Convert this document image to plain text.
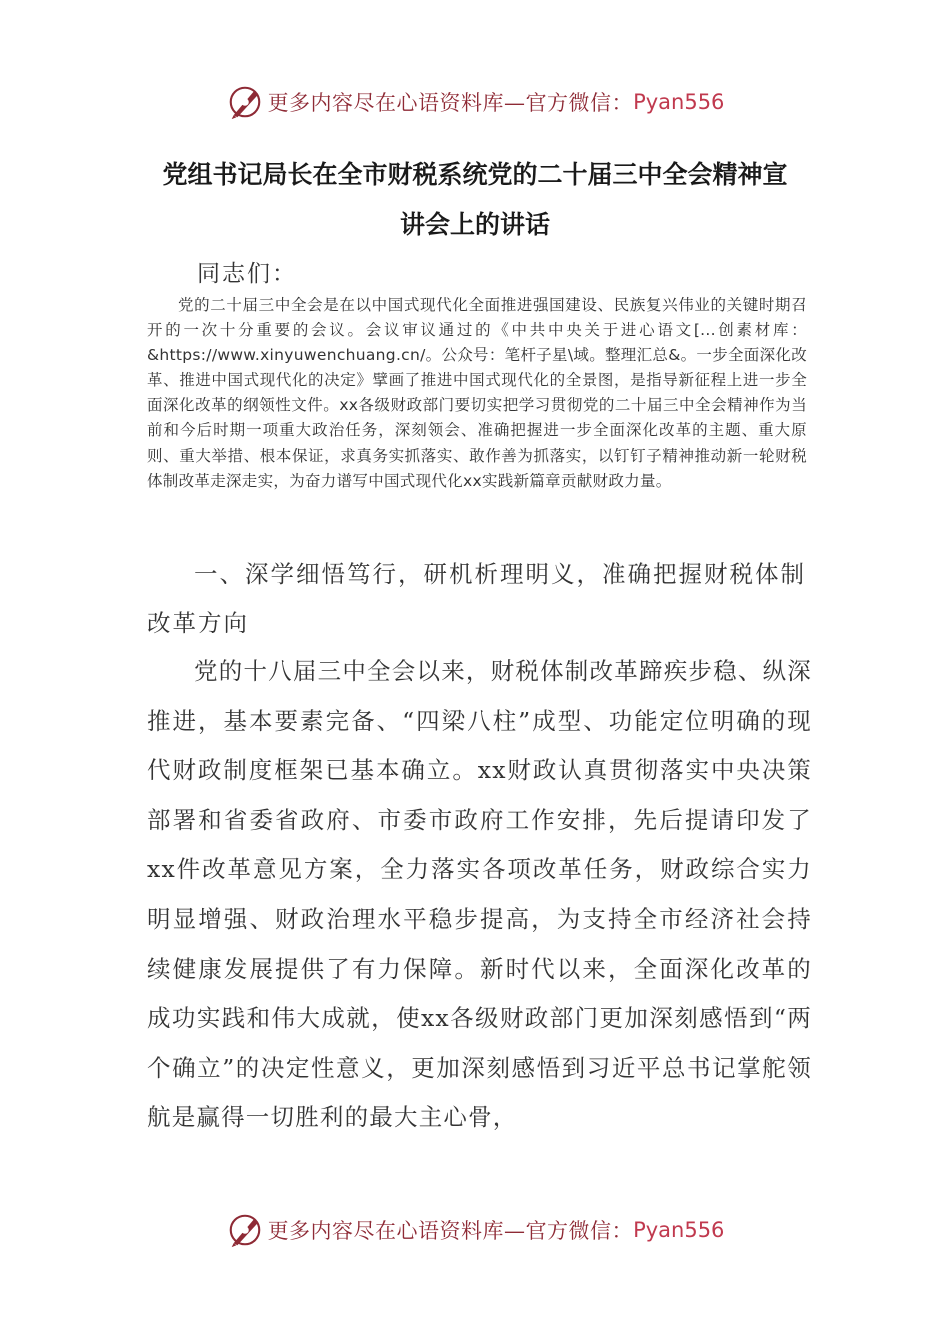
更多内容尽在心语资料库— 官方微信： Pyan556
党组书记局长在全市财税系统党的二十届三中全会精神宣
讲会上的讲话

同志们：

党的二十届三中全会是在以中国式现代化全面推进强国建设、民族复兴伟业的关键时期召开的一次十分重要的会议。会议审议通过的《中共中央关于进心语文[...创素材库：&https://www.xinyuwenchuang.cn/。公众号：笔杆子星\域。整理汇总&。一步全面深化改革、推进中国式现代化的决定》擘画了推进中国式现代化的全景图，是指导新征程上进一步全面深化改革的纲领性文件。xx各级财政部门要切实把学习贯彻党的二十届三中全会精神作为当前和今后时期一项重大政治任务，深刻领会、准确把握进一步全面深化改革的主题、重大原则、重大举措、根本保证，求真务实抓落实、敢作善为抓落实，以钉钉子精神推动新一轮财税体制改革走深走实，为奋力谱写中国式现代化xx实践新篇章贡献财政力量。

一、深学细悟笃行，研机析理明义，准确把握财税体制改革方向

党的十八届三中全会以来，财税体制改革蹄疾步稳、纵深推进，基本要素完备、“四梁八柱”成型、功能定位明确的现代财政制度框架已基本确立。xx财政认真贯彻落实中央决策部署和省委省政府、市委市政府工作安排，先后提请印发了xx件改革意见方案，全力落实各项改革任务，财政综合实力明显增强、财政治理水平稳步提高，为支持全市经济社会持续健康发展提供了有力保障。新时代以来，全面深化改革的成功实践和伟大成就，使xx各级财政部门更加深刻感悟到“两个确立”的决定性意义，更加深刻感悟到习近平总书记掌舵领航是赢得一切胜利的最大主心骨，

更多内容尽在心语资料库— 官方微信： Pyan556
